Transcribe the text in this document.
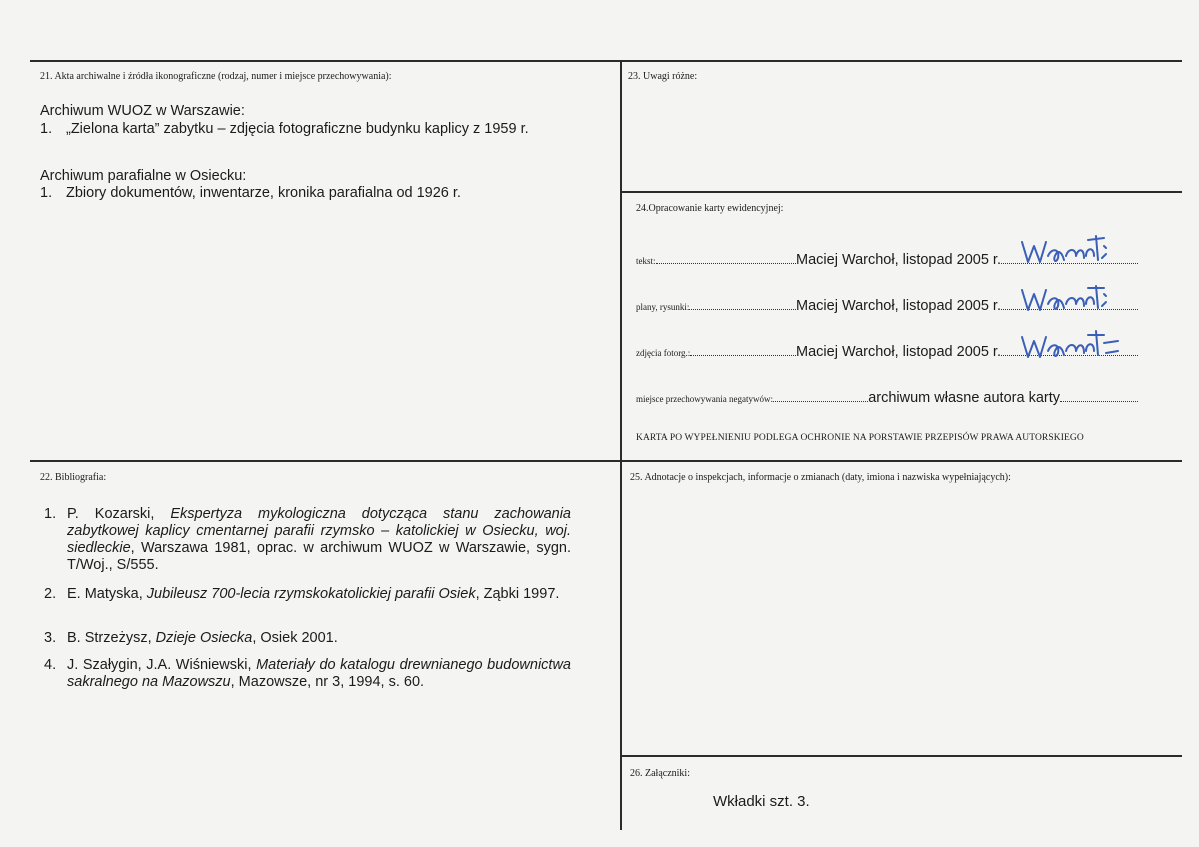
21. Akta archiwalne i źródła ikonograficzne (rodzaj, numer i miejsce przechowywania):
Archiwum WUOZ w Warszawie:
1. „Zielona karta” zabytku – zdjęcia fotograficzne budynku kaplicy z 1959 r.
Archiwum parafialne w Osiecku:
1. Zbiory dokumentów, inwentarze, kronika parafialna od 1926 r.
23. Uwagi różne:
24.Opracowanie karty ewidencyjnej:
tekst:	Maciej Warchoł, listopad 2005 r.
plany, rysunki:	Maciej Warchoł, listopad 2005 r.
zdjęcia fotorg.:	Maciej Warchoł, listopad 2005 r.
miejsce przechowywania negatywów:	archiwum własne autora karty
KARTA PO WYPEŁNIENIU PODLEGA OCHRONIE NA PORSTAWIE PRZEPISÓW PRAWA AUTORSKIEGO
22. Bibliografia:
1. P. Kozarski, Ekspertyza mykologiczna dotycząca stanu zachowania zabytkowej kaplicy cmentarnej parafii rzymsko – katolickiej w Osiecku, woj. siedleckie, Warszawa 1981, oprac. w archiwum WUOZ w Warszawie, sygn. T/Woj., S/555.
2. E. Matyska, Jubileusz 700-lecia rzymskokatolickiej parafii Osiek, Ząbki 1997.
3. B. Strzeżysz, Dzieje Osiecka, Osiek 2001.
4. J. Szałygin, J.A. Wiśniewski, Materiały do katalogu drewnianego budownictwa sakralnego na Mazowszu, Mazowsze, nr 3, 1994, s. 60.
25. Adnotacje o inspekcjach, informacje o zmianach (daty, imiona i nazwiska wypełniających):
26. Załączniki:
Wkładki szt. 3.
